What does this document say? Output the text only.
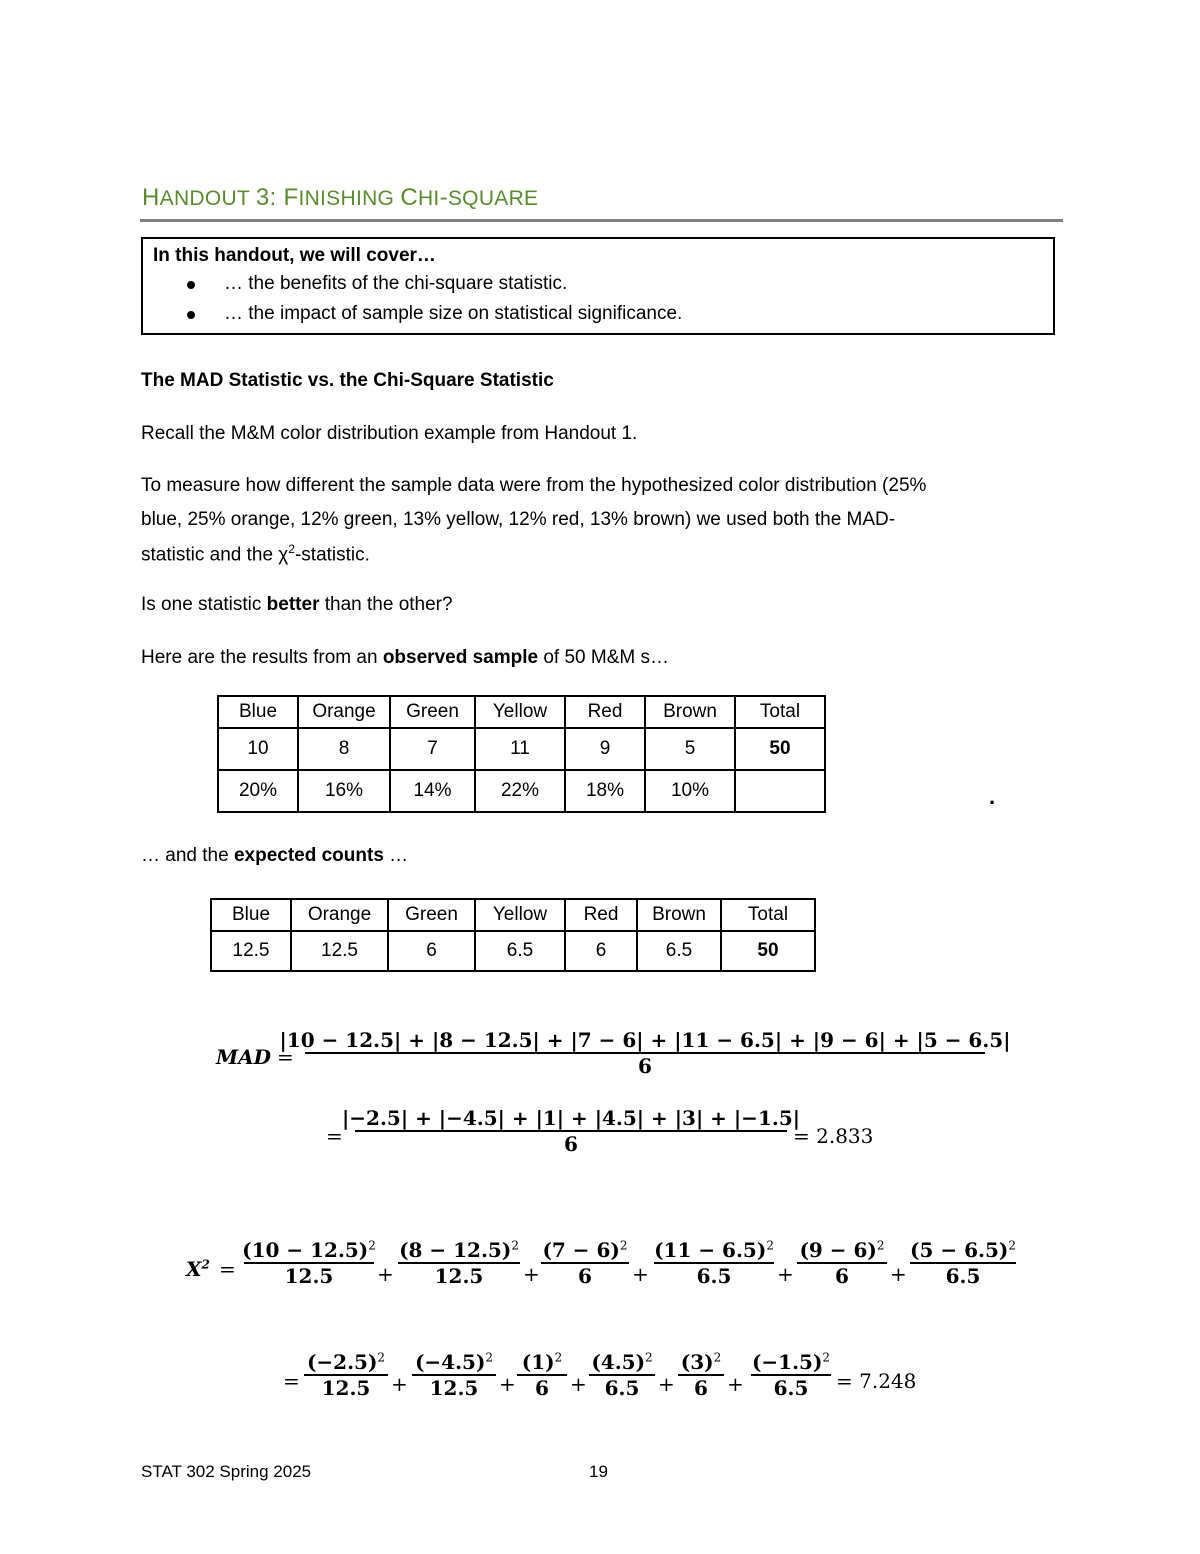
HANDOUT 3: FINISHING CHI-SQUARE
In this handout, we will cover…
… the benefits of the chi-square statistic.
… the impact of sample size on statistical significance.
The MAD Statistic vs. the Chi-Square Statistic
Recall the M&M color distribution example from Handout 1.
To measure how different the sample data were from the hypothesized color distribution (25%
blue, 25% orange, 12% green, 13% yellow, 12% red, 13% brown) we used both the MAD-
statistic and the $\chi^2$-statistic.
Is one statistic better than the other?
Here are the results from an observed sample of 50 M&M s…
Blue	Orange	Green	Yellow	Red	Brown	Total
10	8	7	11	9	5	50
20%	16%	14%	22%	18%	10%		.
… and the expected counts …
Blue	Orange	Green	Yellow	Red	Brown	Total
12.5	12.5	6	6.5	6	6.5	50
MAD =
|10 − 12.5| + |8 − 12.5| + |7 − 6| + |11 − 6.5| + |9 − 6| + |5 − 6.5|
6
=
|−2.5| + |−4.5| + |1| + |4.5| + |3| + |−1.5|
6	= 2.833
$X^2$ =
$(10 - 12.5)^2$
12.5 +
$(8 - 12.5)^2$
12.5 +
$(7 - 6)^2$
6 +
$(11 - 6.5)^2$
6.5 +
$(9 - 6)^2$
6 +
$(5 - 6.5)^2$
6.5
=
$(-2.5)^2$
12.5 +
$(-4.5)^2$
12.5 +
$(1)^2$
6 +
$(4.5)^2$
6.5 +
$(3)^2$
6 +
$(-1.5)^2$
6.5 = 7.248
STAT 302 Spring 2025	19
